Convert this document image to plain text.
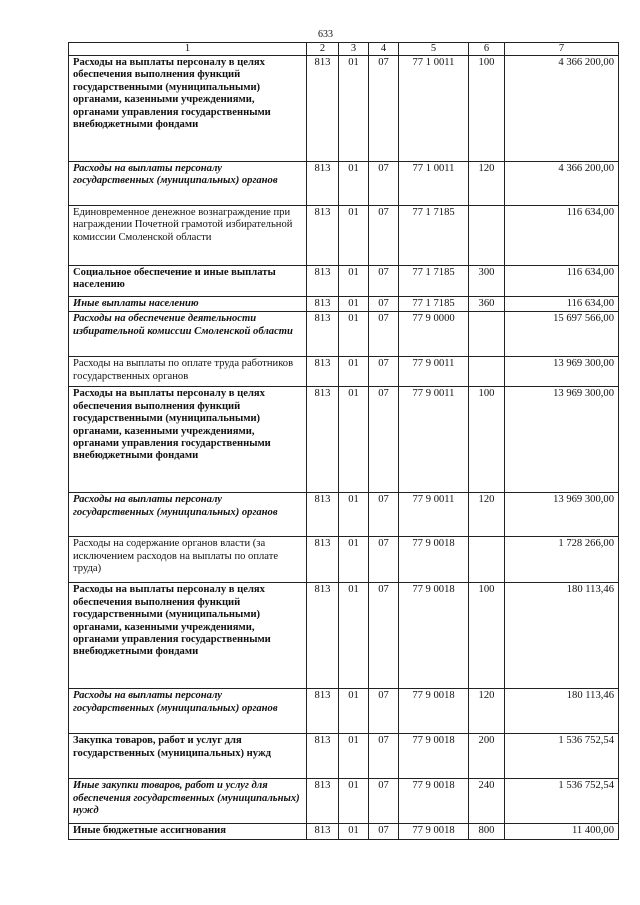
633
1	2	3	4	5	6	7
Расходы на выплаты персоналу в целях обеспечения выполнения функций государственными (муниципальными) органами, казенными учреждениями, органами управления государственными внебюджетными фондами	813	01	07	77 1 0011	100	4 366 200,00
Расходы на выплаты персоналу государственных (муниципальных) органов	813	01	07	77 1 0011	120	4 366 200,00
Единовременное денежное вознаграждение при награждении Почетной грамотой избирательной комиссии Смоленской области	813	01	07	77 1 7185		116 634,00
Социальное обеспечение и иные выплаты населению	813	01	07	77 1 7185	300	116 634,00
Иные выплаты населению	813	01	07	77 1 7185	360	116 634,00
Расходы на обеспечение деятельности избирательной комиссии Смоленской области	813	01	07	77 9 0000		15 697 566,00
Расходы на выплаты по оплате труда работников государственных органов	813	01	07	77 9 0011		13 969 300,00
Расходы на выплаты персоналу в целях обеспечения выполнения функций государственными (муниципальными) органами, казенными учреждениями, органами управления государственными внебюджетными фондами	813	01	07	77 9 0011	100	13 969 300,00
Расходы на выплаты персоналу государственных (муниципальных) органов	813	01	07	77 9 0011	120	13 969 300,00
Расходы на содержание органов власти (за исключением расходов на выплаты по оплате труда)	813	01	07	77 9 0018		1 728 266,00
Расходы на выплаты персоналу в целях обеспечения выполнения функций государственными (муниципальными) органами, казенными учреждениями, органами управления государственными внебюджетными фондами	813	01	07	77 9 0018	100	180 113,46
Расходы на выплаты персоналу государственных (муниципальных) органов	813	01	07	77 9 0018	120	180 113,46
Закупка товаров, работ и услуг для государственных (муниципальных) нужд	813	01	07	77 9 0018	200	1 536 752,54
Иные закупки товаров, работ и услуг для обеспечения государственных (муниципальных) нужд	813	01	07	77 9 0018	240	1 536 752,54
Иные бюджетные ассигнования	813	01	07	77 9 0018	800	11 400,00
